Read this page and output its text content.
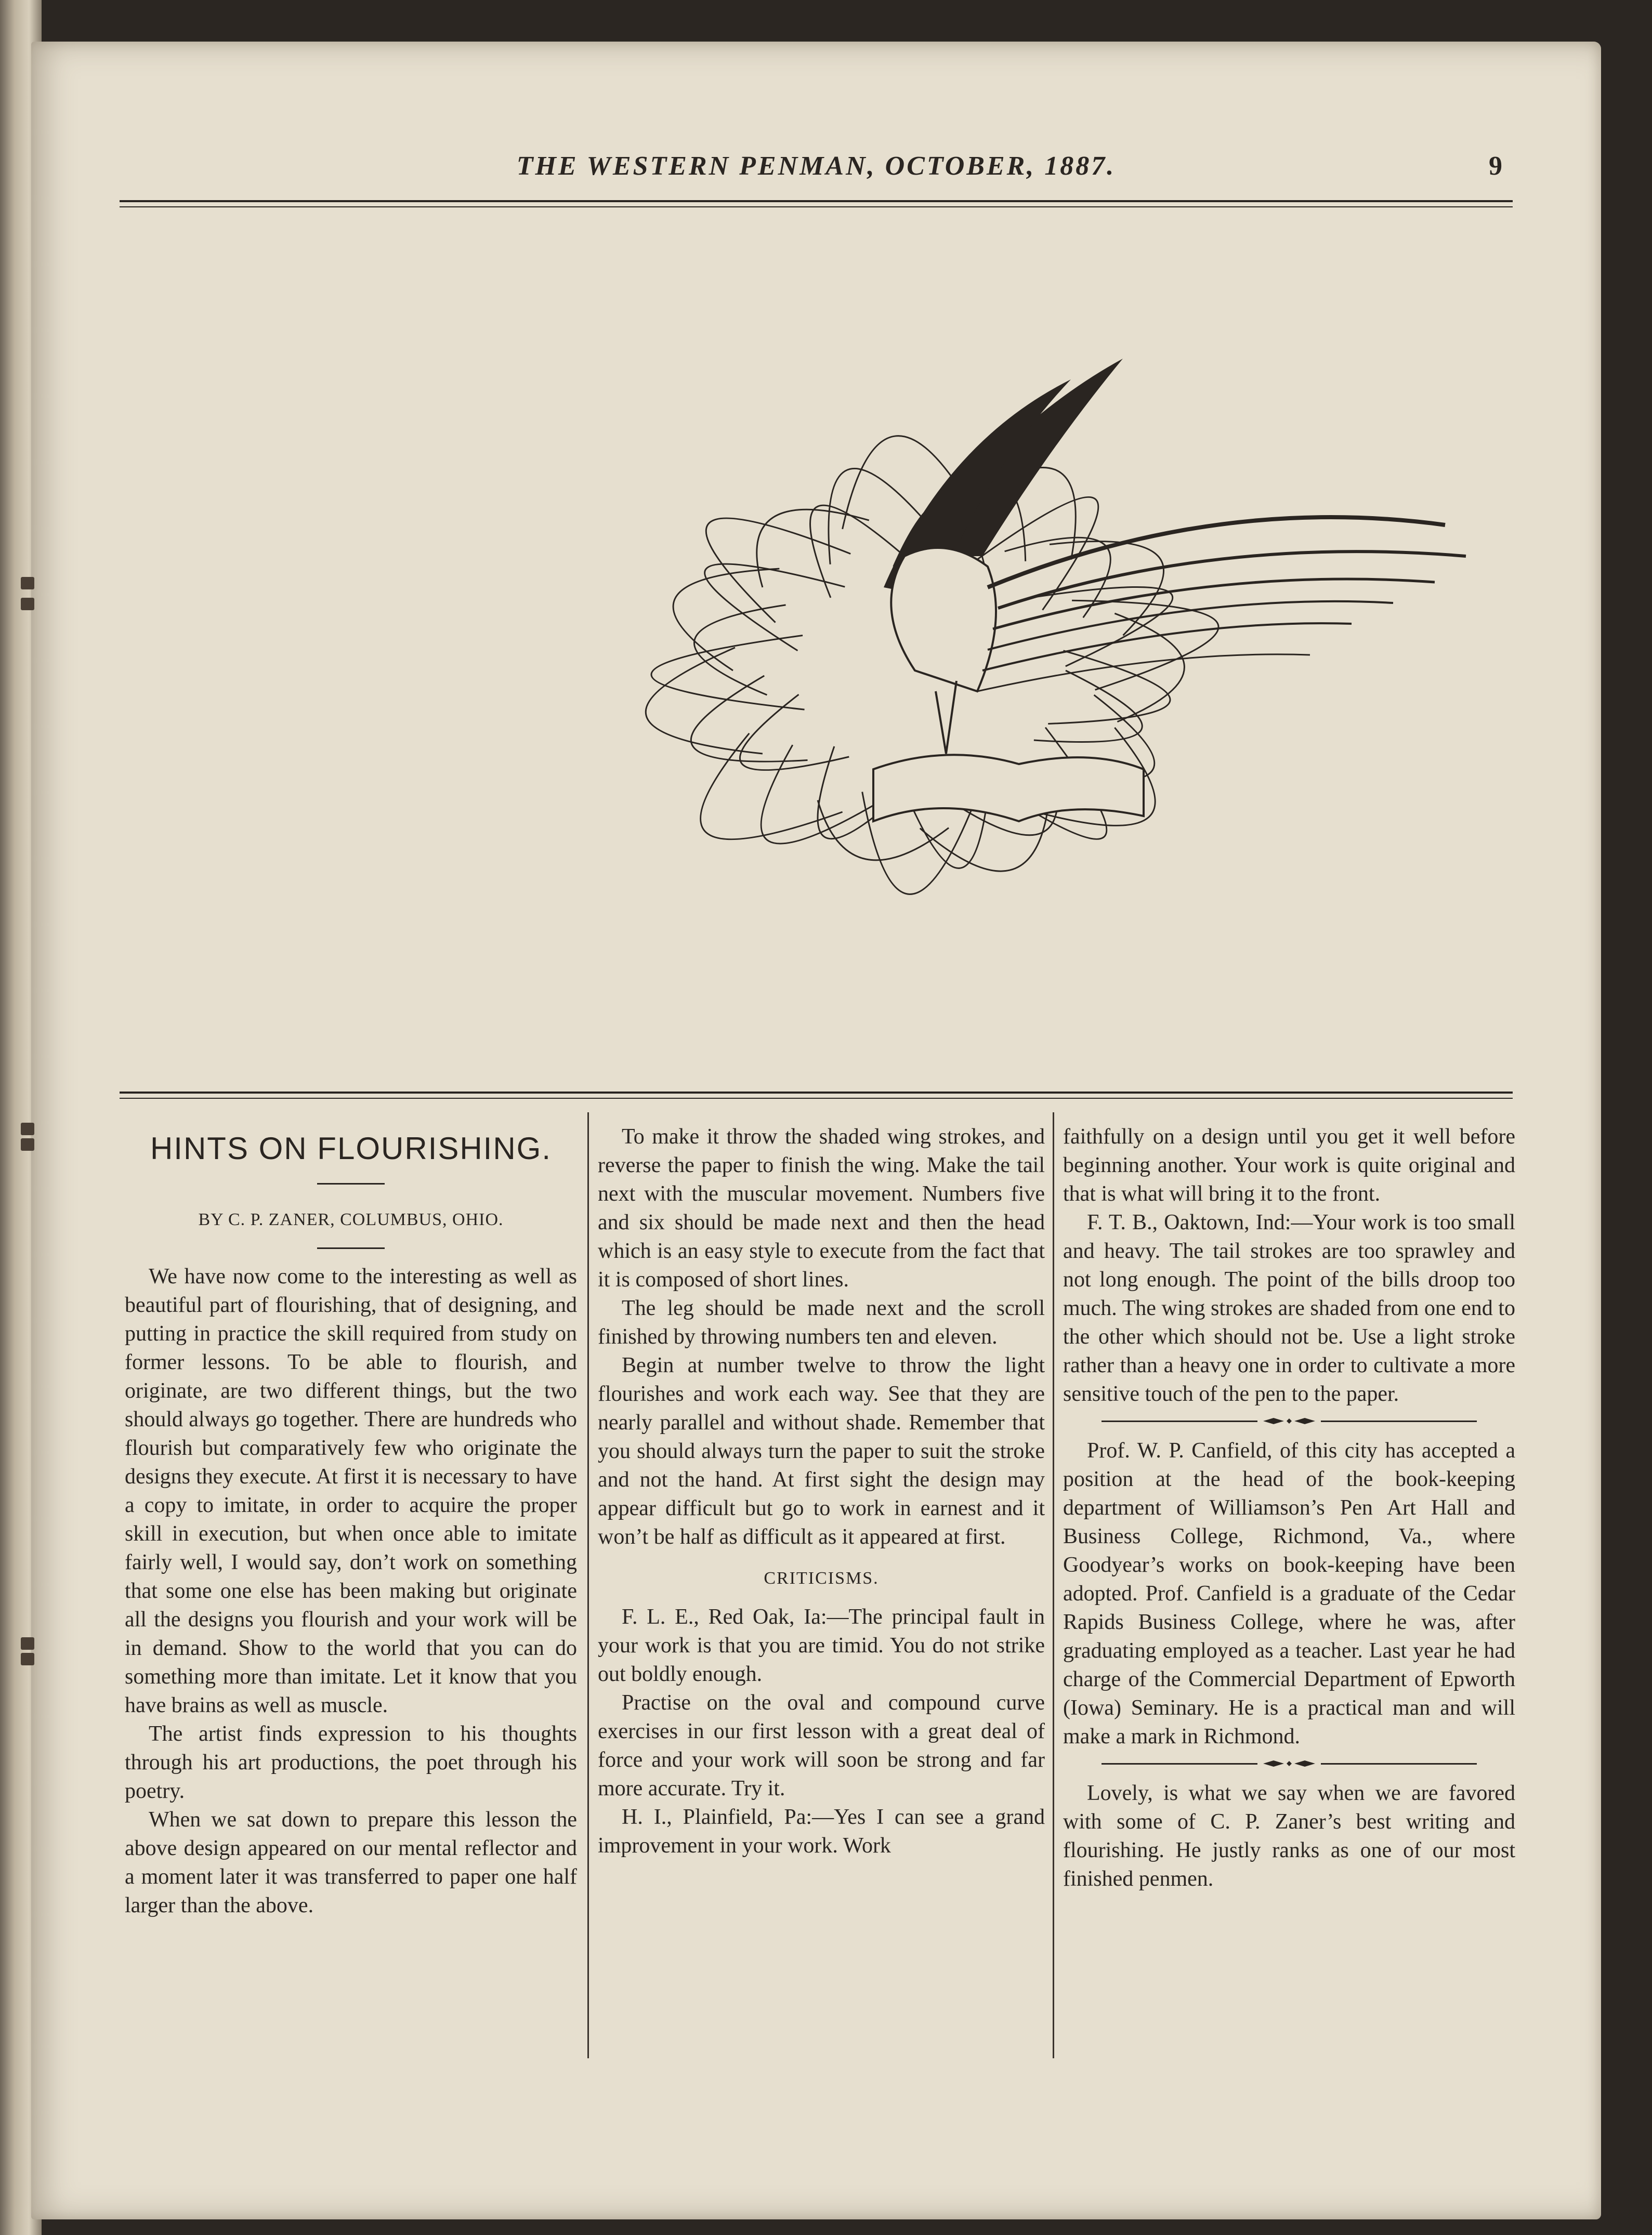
THE WESTERN PENMAN, OCTOBER, 1887.	9
HINTS ON FLOURISHING.
BY C. P. ZANER, COLUMBUS, OHIO.

We have now come to the interesting as well as beautiful part of flourishing, that of designing, and putting in practice the skill required from study on former lessons. To be able to flourish, and originate, are two different things, but the two should always go together. There are hundreds who flourish but comparatively few who originate the designs they execute. At first it is necessary to have a copy to imitate, in order to acquire the proper skill in execution, but when once able to imitate fairly well, I would say, don’t work on something that some one else has been making but originate all the designs you flourish and your work will be in demand. Show to the world that you can do something more than imitate. Let it know that you have brains as well as muscle.

The artist finds expression to his thoughts through his art productions, the poet through his poetry.

When we sat down to prepare this lesson the above design appeared on our mental reflector and a moment later it was transferred to paper one half larger than the above.

To make it throw the shaded wing strokes, and reverse the paper to finish the wing. Make the tail next with the muscular movement. Numbers five and six should be made next and then the head which is an easy style to execute from the fact that it is composed of short lines.

The leg should be made next and the scroll finished by throwing numbers ten and eleven.

Begin at number twelve to throw the light flourishes and work each way. See that they are nearly parallel and without shade. Remember that you should always turn the paper to suit the stroke and not the hand. At first sight the design may appear difficult but go to work in earnest and it won’t be half as difficult as it appeared at first.

CRITICISMS.

F. L. E., Red Oak, Ia:—The principal fault in your work is that you are timid. You do not strike out boldly enough.

Practise on the oval and compound curve exercises in our first lesson with a great deal of force and your work will soon be strong and far more accurate. Try it.

H. I., Plainfield, Pa:—Yes I can see a grand improvement in your work. Work

faithfully on a design until you get it well before beginning another. Your work is quite original and that is what will bring it to the front.

F. T. B., Oaktown, Ind:—Your work is too small and heavy. The tail strokes are too sprawley and not long enough. The point of the bills droop too much. The wing strokes are shaded from one end to the other which should not be. Use a light stroke rather than a heavy one in order to cultivate a more sensitive touch of the pen to the paper.

Prof. W. P. Canfield, of this city has accepted a position at the head of the book-keeping department of Williamson’s Pen Art Hall and Business College, Richmond, Va., where Goodyear’s works on book-keeping have been adopted. Prof. Canfield is a graduate of the Cedar Rapids Business College, where he was, after graduating employed as a teacher. Last year he had charge of the Commercial Department of Epworth (Iowa) Seminary. He is a practical man and will make a mark in Richmond.

Lovely, is what we say when we are favored with some of C. P. Zaner’s best writing and flourishing. He justly ranks as one of our most finished penmen.
